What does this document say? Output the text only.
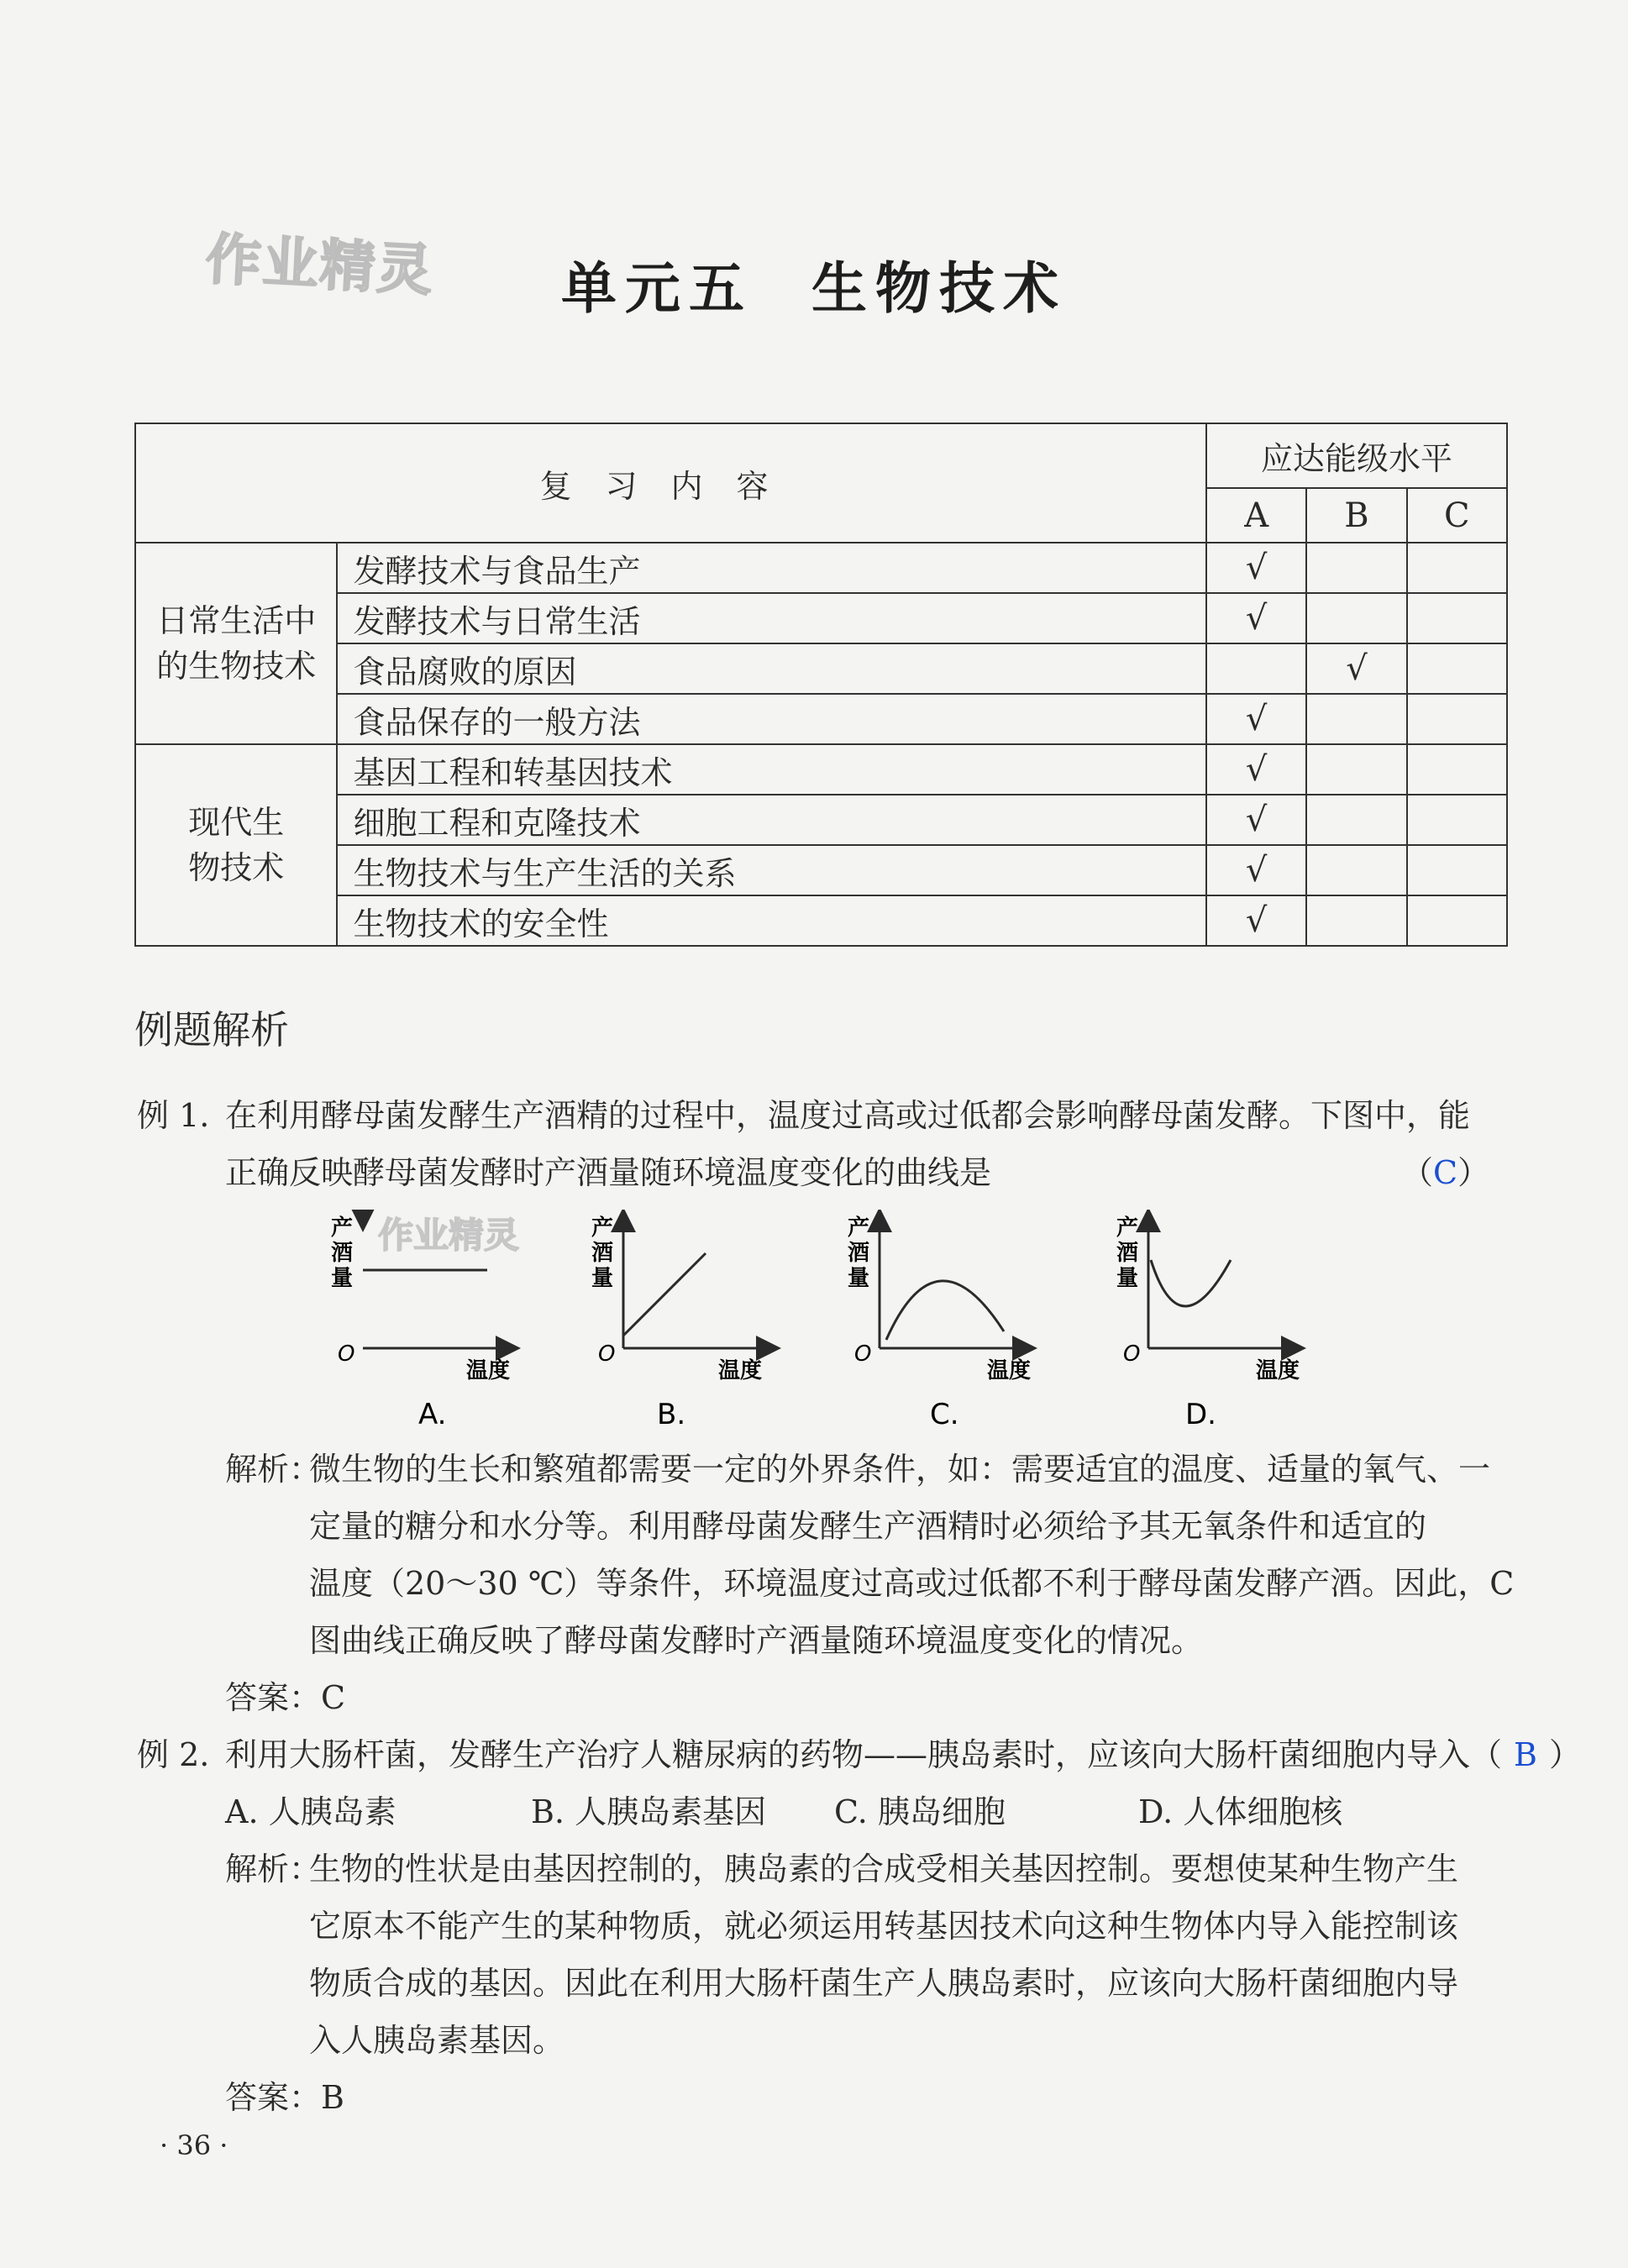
作业精灵	单元五 生物技术
复习内容		应达能级水平		
		A	B	C
日常生活中
的生物技术	发酵技术与食品生产	√		
	发酵技术与日常生活	√		
	食品腐败的原因		√	
	食品保存的一般方法	√		
现代生
物技术	基因工程和转基因技术	√		
	细胞工程和克隆技术	√		
	生物技术与生产生活的关系	√		
	生物技术的安全性	√		
例题解析
例 1. 在利用酵母菌发酵生产酒精的过程中，温度过高或过低都会影响酵母菌发酵。下图中，能
正确反映酵母菌发酵时产酒量随环境温度变化的曲线是	（C）
产
酒
量
O
温度
A.
产
酒
量
O
温度
B.
产
酒
量
O
温度
C.
产
酒
量
O
温度
D.
作业精灵
解析：
微生物的生长和繁殖都需要一定的外界条件，如：需要适宜的温度、适量的氧气、一
定量的糖分和水分等。利用酵母菌发酵生产酒精时必须给予其无氧条件和适宜的
温度（20～30 ℃）等条件，环境温度过高或过低都不利于酵母菌发酵产酒。因此，C
图曲线正确反映了酵母菌发酵时产酒量随环境温度变化的情况。
答案：C
例 2. 利用大肠杆菌，发酵生产治疗人糖尿病的药物——胰岛素时，应该向大肠杆菌细胞内导入（ B ）
A. 人胰岛素	B. 人胰岛素基因 C. 胰岛细胞	D. 人体细胞核
解析：
生物的性状是由基因控制的，胰岛素的合成受相关基因控制。要想使某种生物产生
它原本不能产生的某种物质，就必须运用转基因技术向这种生物体内导入能控制该
物质合成的基因。因此在利用大肠杆菌生产人胰岛素时，应该向大肠杆菌细胞内导
入人胰岛素基因。
答案：B
· 36 ·
